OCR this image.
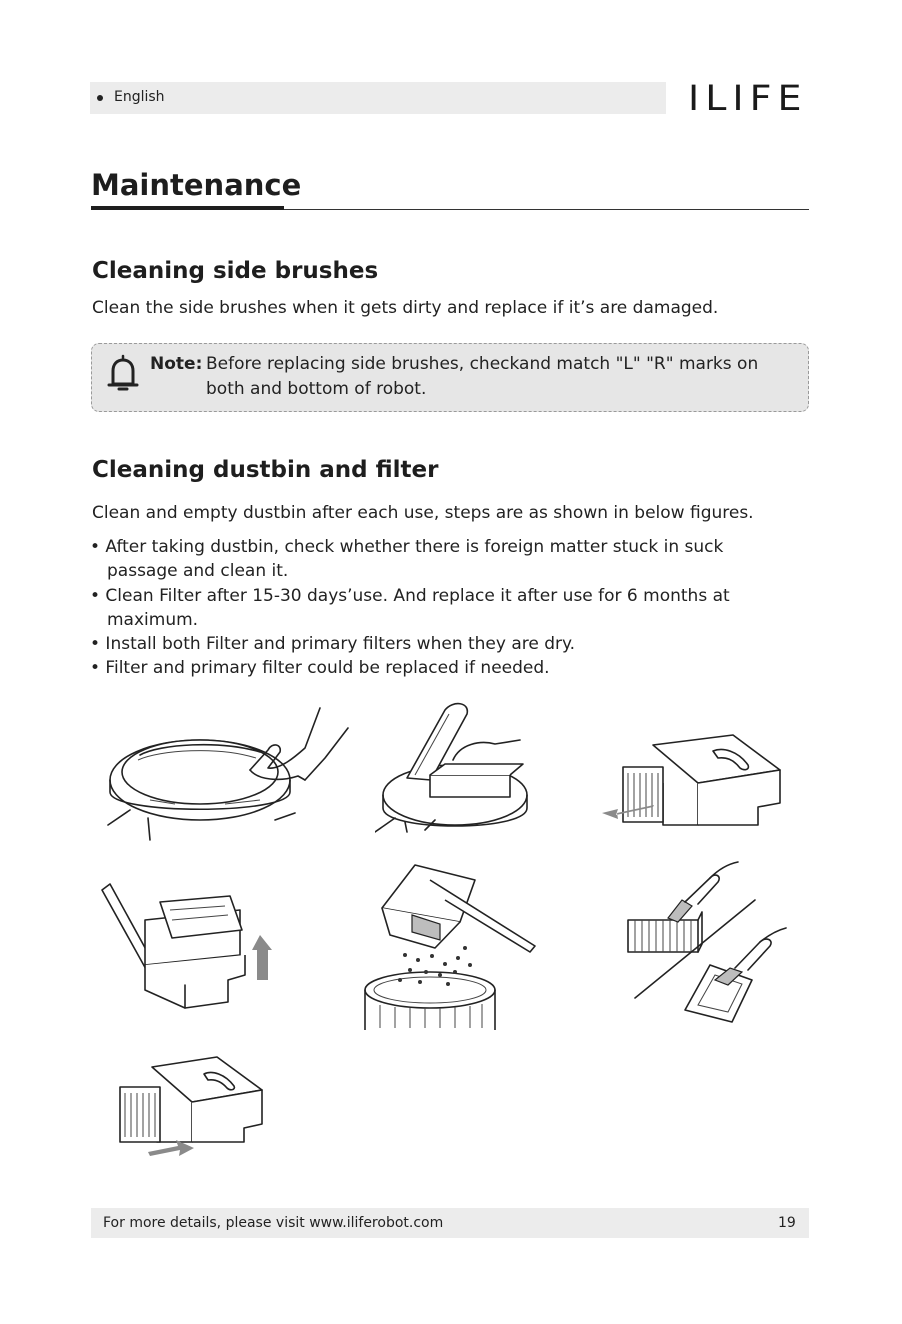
English	ILIFE
Maintenance
Cleaning side brushes
Clean the side brushes when it gets dirty and replace if it’s are damaged.
Note: Before replacing side brushes, checkand match "L" "R" marks on
both and bottom of robot.
Cleaning dustbin and filter
Clean and empty dustbin after each use, steps are as shown in below figures.
• After taking dustbin, check whether there is foreign matter stuck in suck
passage and clean it.
• Clean Filter after 15-30 days’use. And replace it after use for 6 months at
maximum.
• Install both Filter and primary filters when they are dry.
• Filter and primary filter could be replaced if needed.
For more details, please visit www.iliferobot.com	19
